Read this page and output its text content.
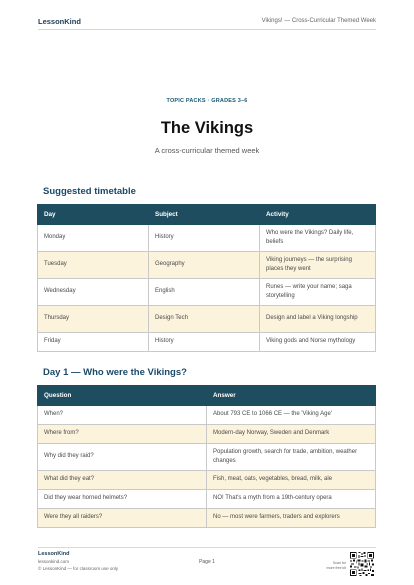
LessonKind	Vikings! — Cross-Curricular Themed Week
TOPIC PACKS · GRADES 3–6
The Vikings
A cross-curricular themed week
Suggested timetable
Day	Subject	Activity
Monday	History	Who were the Vikings? Daily life, beliefs
Tuesday	Geography	Viking journeys — the surprising places they went
Wednesday	English	Runes — write your name; saga storytelling
Thursday	Design Tech	Design and label a Viking longship
Friday	History	Viking gods and Norse mythology
Day 1 — Who were the Vikings?
Question	Answer
When?	About 793 CE to 1066 CE — the 'Viking Age'
Where from?	Modern-day Norway, Sweden and Denmark
Why did they raid?	Population growth, search for trade, ambition, weather changes
What did they eat?	Fish, meat, oats, vegetables, bread, milk, ale
Did they wear horned helmets?	NO! That's a myth from a 19th-century opera
Were they all raiders?	No — most were farmers, traders and explorers
LessonKind
lessonkind.com
© LessonKind — for classroom use only
Page 1	Scan for
more free kit
